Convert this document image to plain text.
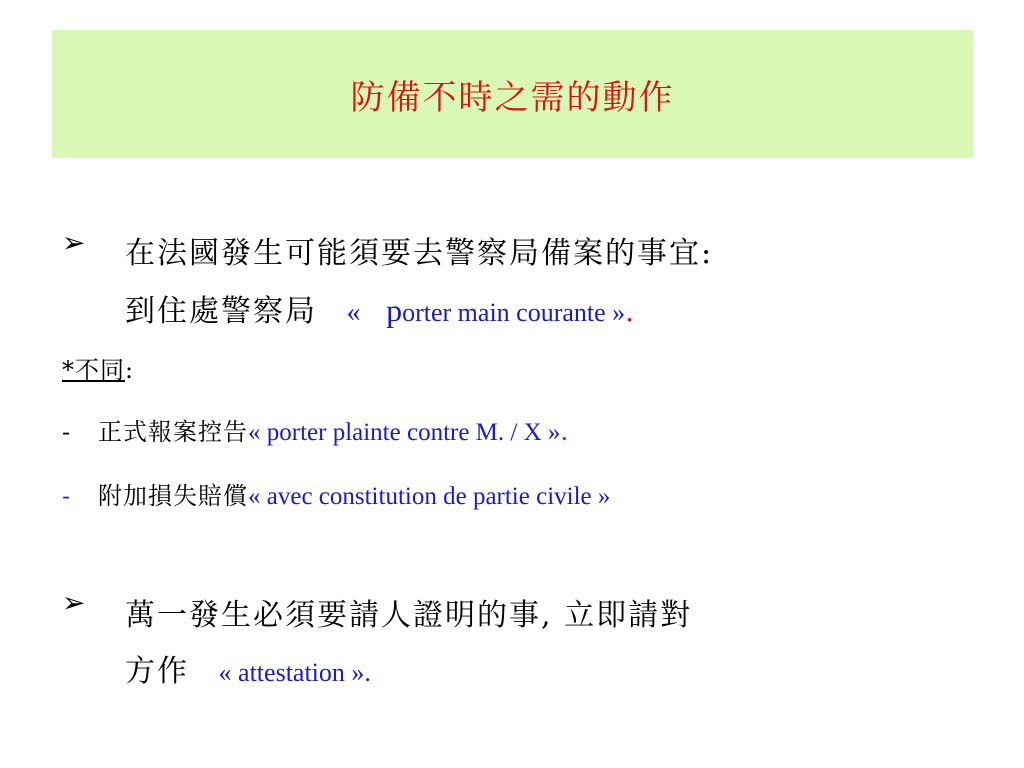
防備不時之需的動作
➢ 在法國發生可能須要去警察局備案的事宜:
到住處警察局 « porter main courante ».
*不同:
- 正式報案控告« porter plainte contre M. / X ».
- 附加損失賠償« avec constitution de partie civile »
➢ 萬一發生必須要請人證明的事, 立即請對
方作 « attestation ».
